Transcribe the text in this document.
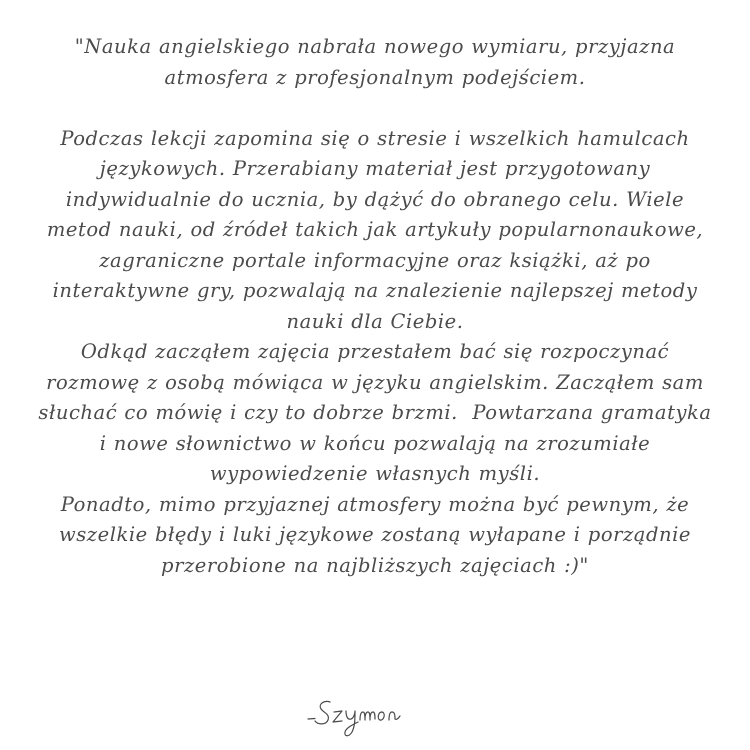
"Nauka angielskiego nabrała nowego wymiaru, przyjazna
atmosfera z profesjonalnym podejściem.
Podczas lekcji zapomina się o stresie i wszelkich hamulcach
językowych. Przerabiany materiał jest przygotowany
indywidualnie do ucznia, by dążyć do obranego celu. Wiele
metod nauki, od źródeł takich jak artykuły popularnonaukowe,
zagraniczne portale informacyjne oraz książki, aż po
interaktywne gry, pozwalają na znalezienie najlepszej metody
nauki dla Ciebie.
Odkąd zacząłem zajęcia przestałem bać się rozpoczynać
rozmowę z osobą mówiąca w języku angielskim. Zacząłem sam
słuchać co mówię i czy to dobrze brzmi.  Powtarzana gramatyka
i nowe słownictwo w końcu pozwalają na zrozumiałe
wypowiedzenie własnych myśli.
Ponadto, mimo przyjaznej atmosfery można być pewnym, że
wszelkie błędy i luki językowe zostaną wyłapane i porządnie
przerobione na najbliższych zajęciach :)"
